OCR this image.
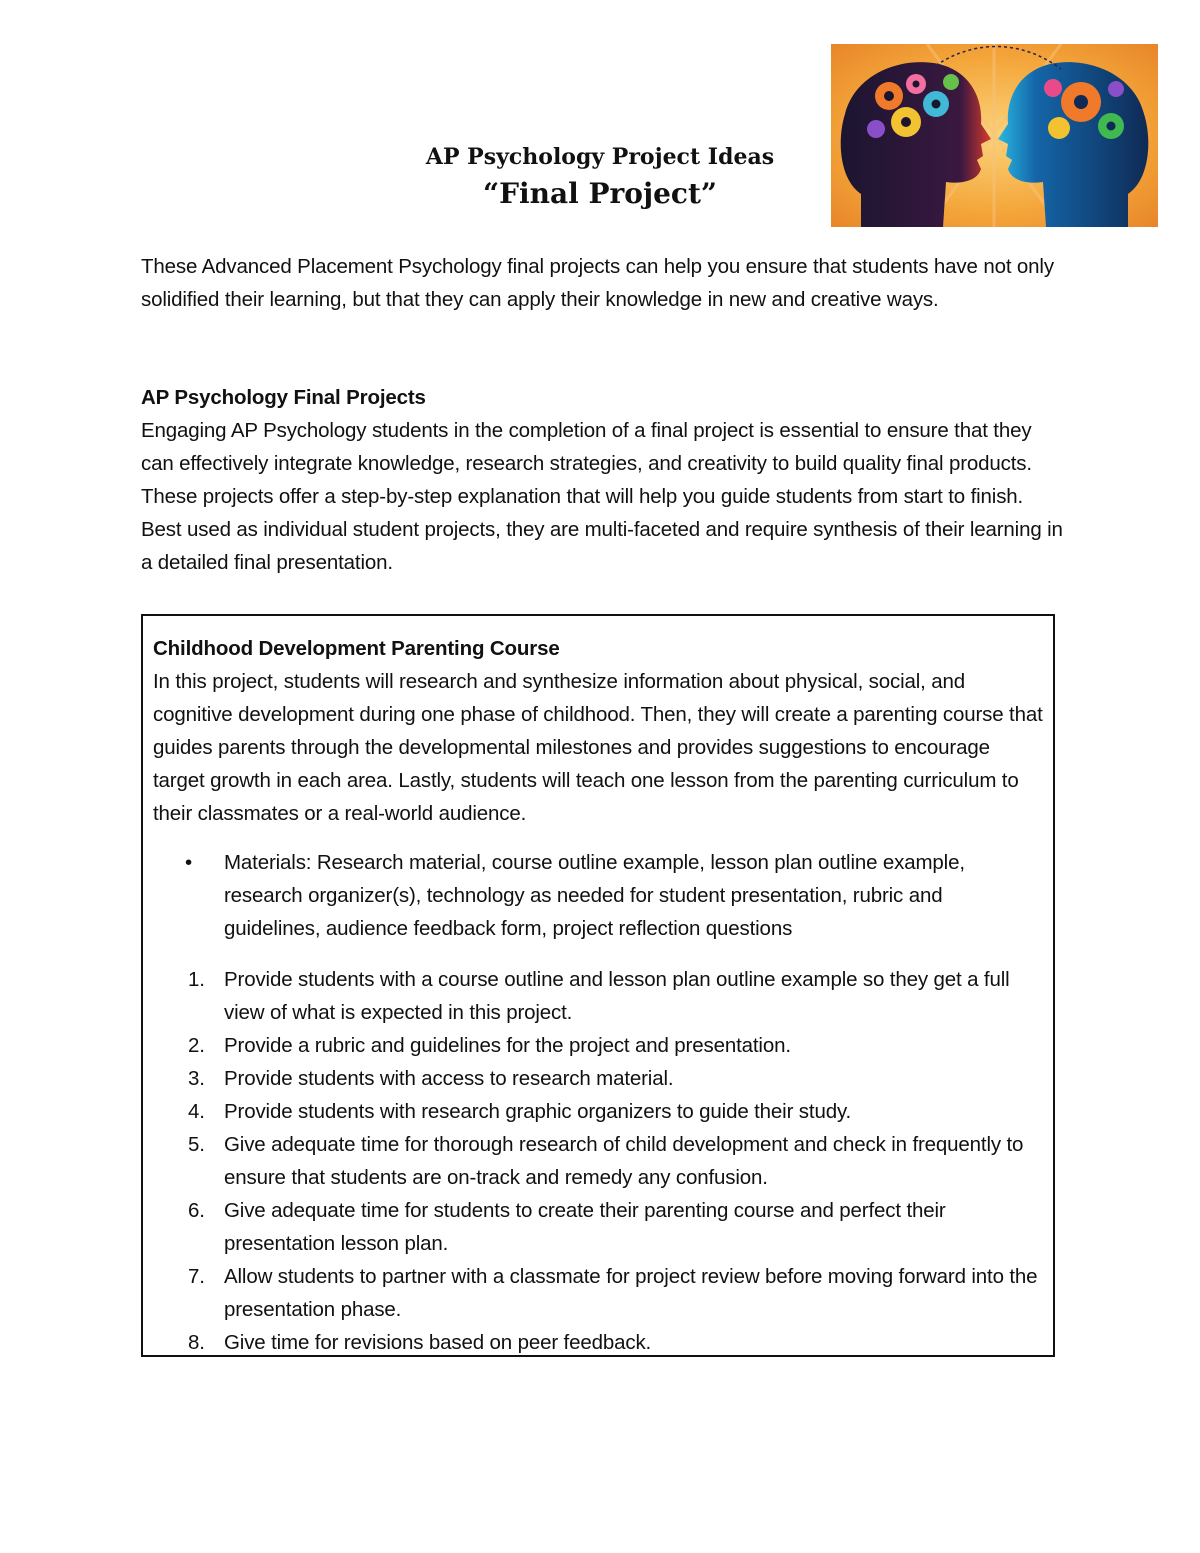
AP Psychology Project Ideas
“Final Project”
These Advanced Placement Psychology final projects can help you ensure that students have not only solidified their learning, but that they can apply their knowledge in new and creative ways.
AP Psychology Final Projects
Engaging AP Psychology students in the completion of a final project is essential to ensure that they can effectively integrate knowledge, research strategies, and creativity to build quality final products. These projects offer a step-by-step explanation that will help you guide students from start to finish. Best used as individual student projects, they are multi-faceted and require synthesis of their learning in a detailed final presentation.
Childhood Development Parenting Course
In this project, students will research and synthesize information about physical, social, and cognitive development during one phase of childhood. Then, they will create a parenting course that guides parents through the developmental milestones and provides suggestions to encourage target growth in each area. Lastly, students will teach one lesson from the parenting curriculum to their classmates or a real-world audience.
• Materials: Research material, course outline example, lesson plan outline example, research organizer(s), technology as needed for student presentation, rubric and guidelines, audience feedback form, project reflection questions
1. Provide students with a course outline and lesson plan outline example so they get a full view of what is expected in this project.
2. Provide a rubric and guidelines for the project and presentation.
3. Provide students with access to research material.
4. Provide students with research graphic organizers to guide their study.
5. Give adequate time for thorough research of child development and check in frequently to ensure that students are on-track and remedy any confusion.
6. Give adequate time for students to create their parenting course and perfect their presentation lesson plan.
7. Allow students to partner with a classmate for project review before moving forward into the presentation phase.
8. Give time for revisions based on peer feedback.
